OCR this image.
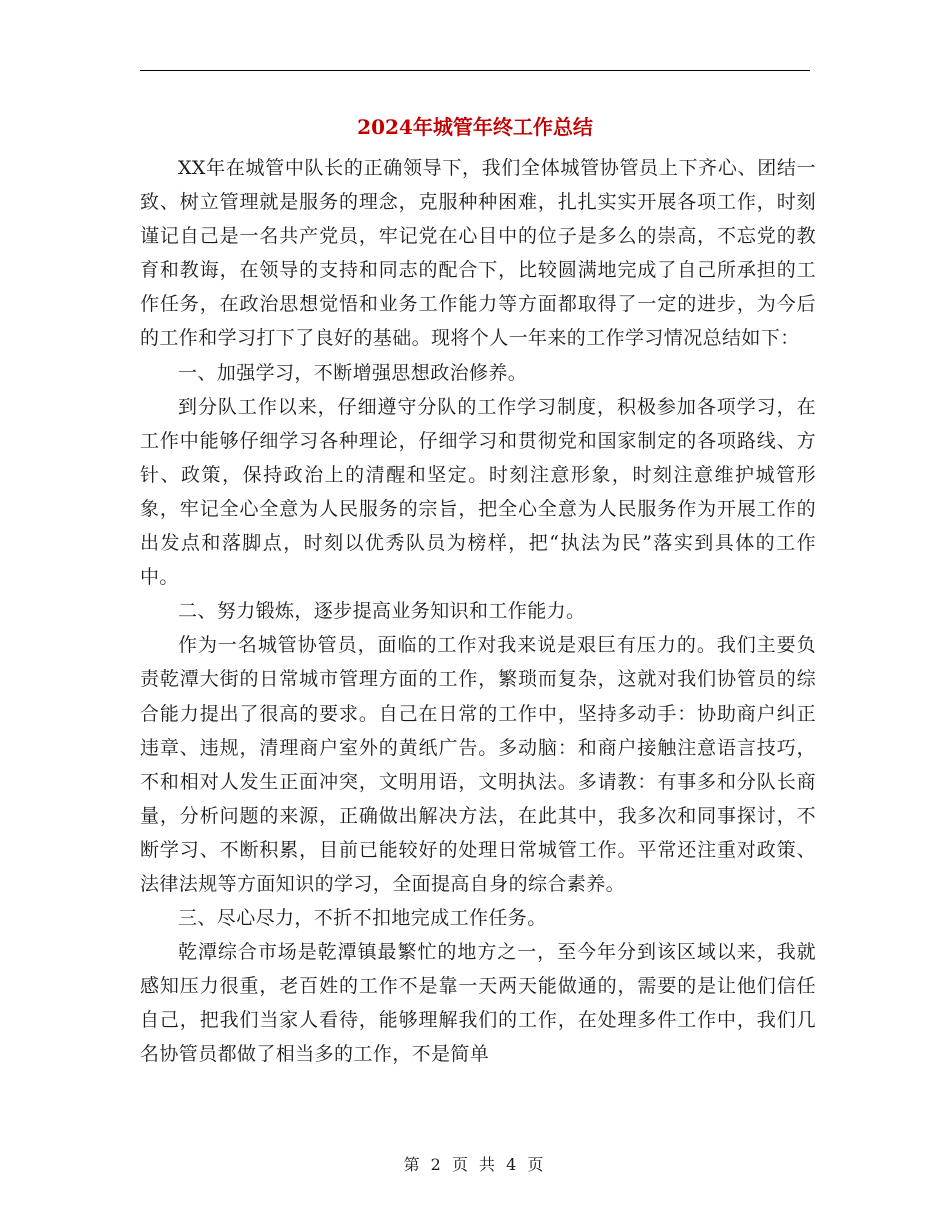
2024年城管年终工作总结

XX年在城管中队长的正确领导下，我们全体城管协管员上下齐心、团结一致、树立管理就是服务的理念，克服种种困难，扎扎实实开展各项工作，时刻谨记自己是一名共产党员，牢记党在心目中的位子是多么的崇高，不忘党的教育和教诲，在领导的支持和同志的配合下，比较圆满地完成了自己所承担的工作任务，在政治思想觉悟和业务工作能力等方面都取得了一定的进步，为今后的工作和学习打下了良好的基础。现将个人一年来的工作学习情况总结如下：

一、加强学习，不断增强思想政治修养。

到分队工作以来，仔细遵守分队的工作学习制度，积极参加各项学习，在工作中能够仔细学习各种理论，仔细学习和贯彻党和国家制定的各项路线、方针、政策，保持政治上的清醒和坚定。时刻注意形象，时刻注意维护城管形象，牢记全心全意为人民服务的宗旨，把全心全意为人民服务作为开展工作的出发点和落脚点，时刻以优秀队员为榜样，把“执法为民”落实到具体的工作中。

二、努力锻炼，逐步提高业务知识和工作能力。

作为一名城管协管员，面临的工作对我来说是艰巨有压力的。我们主要负责乾潭大街的日常城市管理方面的工作，繁琐而复杂，这就对我们协管员的综合能力提出了很高的要求。自己在日常的工作中，坚持多动手：协助商户纠正违章、违规，清理商户室外的黄纸广告。多动脑：和商户接触注意语言技巧，不和相对人发生正面冲突，文明用语，文明执法。多请教：有事多和分队长商量，分析问题的来源，正确做出解决方法，在此其中，我多次和同事探讨，不断学习、不断积累，目前已能较好的处理日常城管工作。平常还注重对政策、法律法规等方面知识的学习，全面提高自身的综合素养。

三、尽心尽力，不折不扣地完成工作任务。

乾潭综合市场是乾潭镇最繁忙的地方之一，至今年分到该区域以来，我就感知压力很重，老百姓的工作不是靠一天两天能做通的，需要的是让他们信任自己，把我们当家人看待，能够理解我们的工作，在处理多件工作中，我们几名协管员都做了相当多的工作，不是简单

第 2 页 共 4 页
